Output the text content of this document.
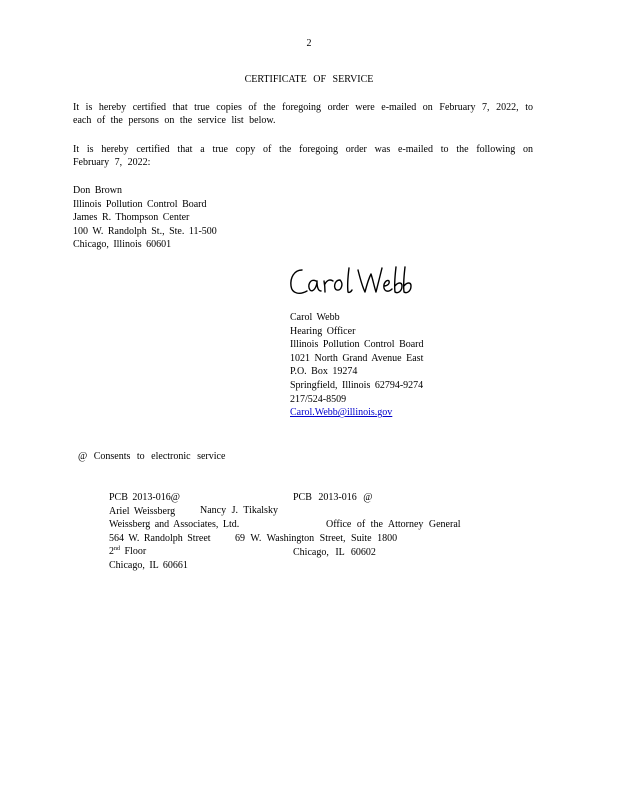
2
CERTIFICATE OF SERVICE
It is hereby certified that true copies of the foregoing order were e-mailed on February 7, 2022, to each of the persons on the service list below.
It is hereby certified that a true copy of the foregoing order was e-mailed to the following on February 7, 2022:
Don Brown
Illinois Pollution Control Board
James R. Thompson Center
100 W. Randolph St., Ste. 11-500
Chicago, Illinois 60601
Carol Webb
Hearing Officer
Illinois Pollution Control Board
1021 North Grand Avenue East
P.O. Box 19274
Springfield, Illinois 62794-9274
217/524-8509
Carol.Webb@illinois.gov
@ Consents to electronic service
PCB 2013-016@
Ariel Weissberg
Weissberg and Associates, Ltd.
564 W. Randolph Street
2nd Floor
Chicago, IL 60661
PCB 2013-016 @
Nancy J. Tikalsky
Office of the Attorney General
69 W. Washington Street, Suite 1800
Chicago, IL 60602
